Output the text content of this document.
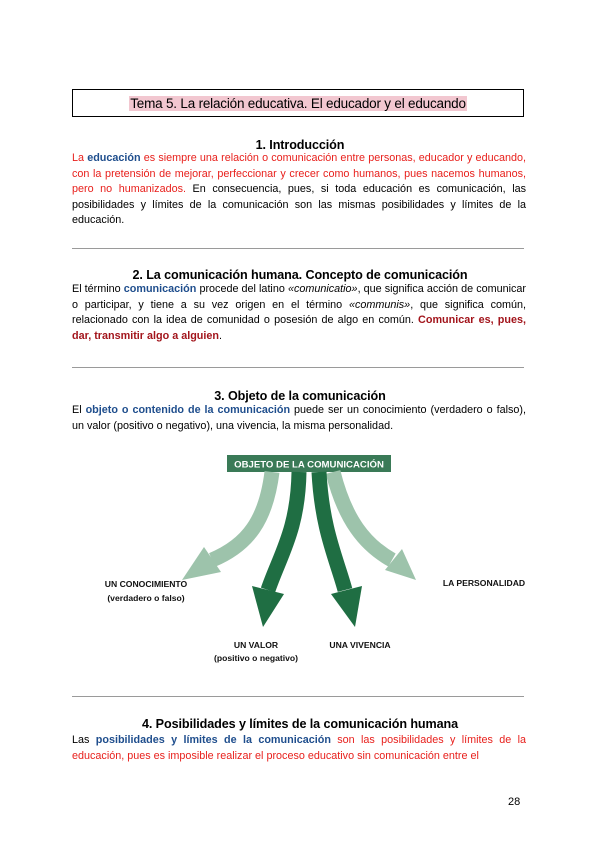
Tema 5. La relación educativa. El educador y el educando
1. Introducción
La educación es siempre una relación o comunicación entre personas, educador y educando, con la pretensión de mejorar, perfeccionar y crecer como humanos, pues nacemos humanos, pero no humanizados. En consecuencia, pues, si toda educación es comunicación, las posibilidades y límites de la comunicación son las mismas posibilidades y límites de la educación.
2. La comunicación humana. Concepto de comunicación
El término comunicación procede del latino «comunicatio», que significa acción de comunicar o participar, y tiene a su vez origen en el término «communis», que significa común, relacionado con la idea de comunidad o posesión de algo en común. Comunicar es, pues, dar, transmitir algo a alguien.
3. Objeto de la comunicación
El objeto o contenido de la comunicación puede ser un conocimiento (verdadero o falso), un valor (positivo o negativo), una vivencia, la misma personalidad.
OBJETO DE LA COMUNICACIÓN
UN CONOCIMIENTO
(verdadero o falso)
LA PERSONALIDAD
UN VALOR
(positivo o negativo)
UNA VIVENCIA
4. Posibilidades y límites de la comunicación humana
Las posibilidades y límites de la comunicación son las posibilidades y límites de la educación, pues es imposible realizar el proceso educativo sin comunicación entre el
28
